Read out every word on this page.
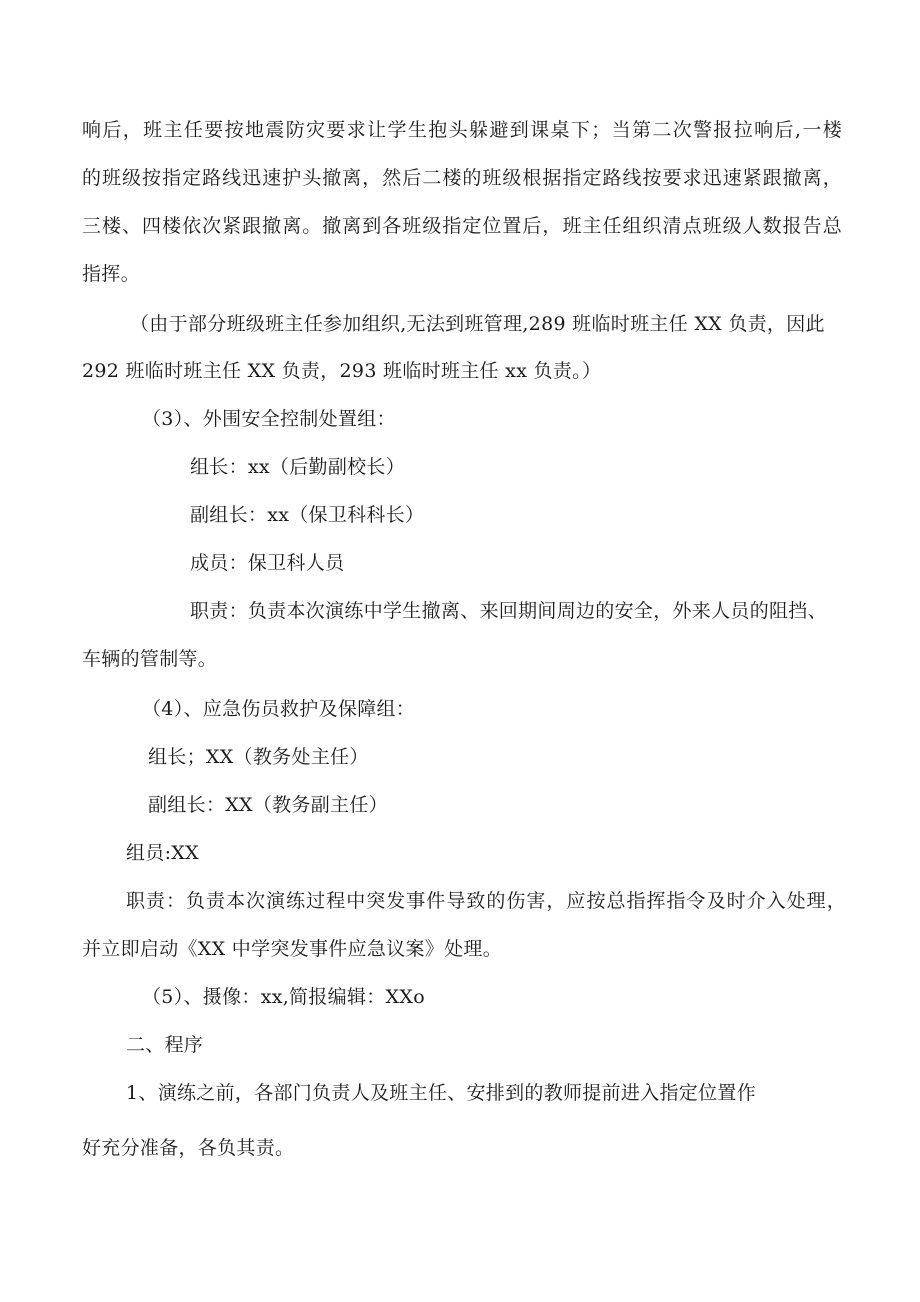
响后，班主任要按地震防灾要求让学生抱头躲避到课桌下；当第二次警报拉响后,一楼
的班级按指定路线迅速护头撤离，然后二楼的班级根据指定路线按要求迅速紧跟撤离，
三楼、四楼依次紧跟撤离。撤离到各班级指定位置后，班主任组织清点班级人数报告总
指挥。
（由于部分班级班主任参加组织,无法到班管理,289 班临时班主任 XX 负责，因此
292 班临时班主任 XX 负责，293 班临时班主任 xx 负责。）
（3）、外围安全控制处置组：
组长：xx（后勤副校长）
副组长：xx（保卫科科长）
成员：保卫科人员
职责：负责本次演练中学生撤离、来回期间周边的安全，外来人员的阻挡、
车辆的管制等。
（4）、应急伤员救护及保障组：
组长；XX（教务处主任）
副组长：XX（教务副主任）
组员:XX
职责：负责本次演练过程中突发事件导致的伤害，应按总指挥指令及时介入处理，
并立即启动《XX 中学突发事件应急议案》处理。
（5）、摄像：xx,简报编辑：XXo
二、程序
1、演练之前，各部门负责人及班主任、安排到的教师提前进入指定位置作
好充分准备，各负其责。
